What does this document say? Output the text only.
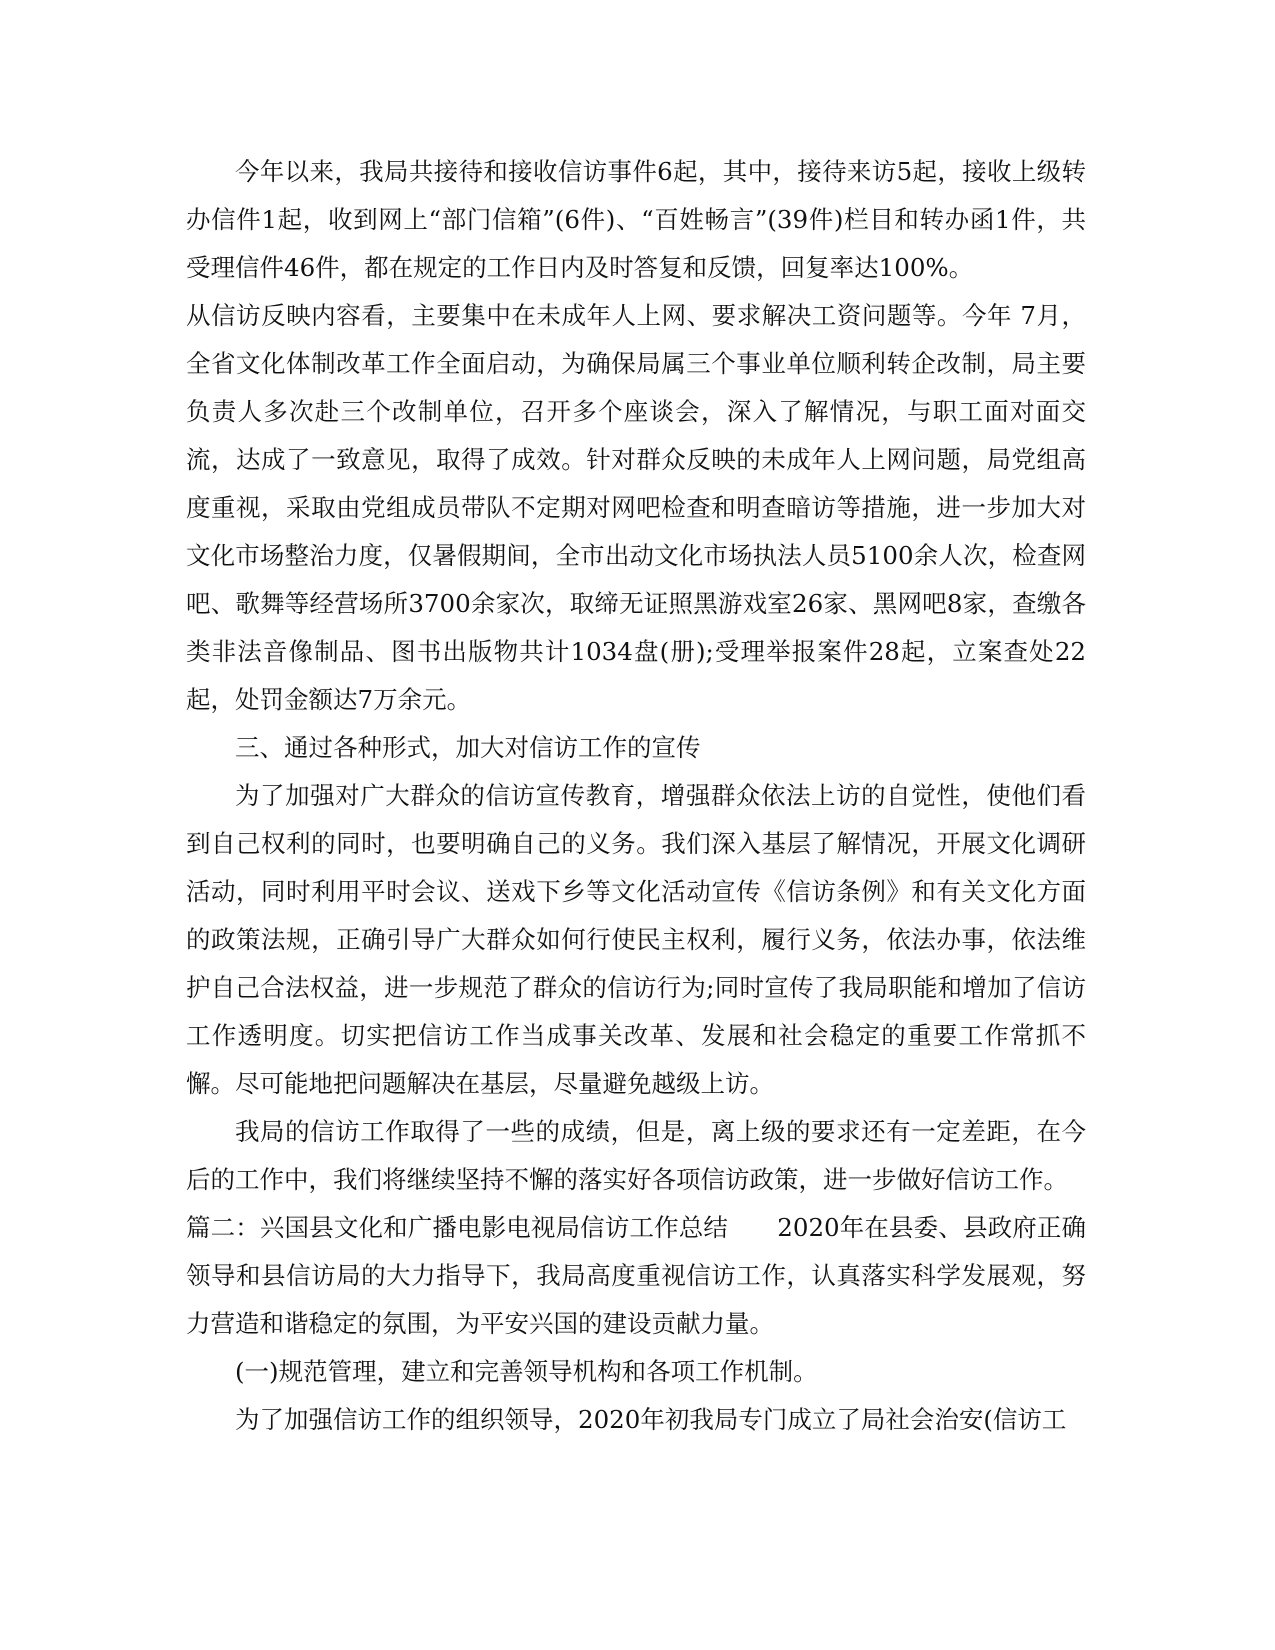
今年以来，我局共接待和接收信访事件6起，其中，接待来访5起，接收上级转办信件1起，收到网上“部门信箱”(6件)、“百姓畅言”(39件)栏目和转办函1件，共受理信件46件，都在规定的工作日内及时答复和反馈，回复率达100%。

从信访反映内容看，主要集中在未成年人上网、要求解决工资问题等。今年 7月，全省文化体制改革工作全面启动，为确保局属三个事业单位顺利转企改制，局主要负责人多次赴三个改制单位，召开多个座谈会，深入了解情况，与职工面对面交流，达成了一致意见，取得了成效。针对群众反映的未成年人上网问题，局党组高度重视，采取由党组成员带队不定期对网吧检查和明查暗访等措施，进一步加大对文化市场整治力度，仅暑假期间，全市出动文化市场执法人员5100余人次，检查网吧、歌舞等经营场所3700余家次，取缔无证照黑游戏室26家、黑网吧8家，查缴各类非法音像制品、图书出版物共计1034盘(册);受理举报案件28起，立案查处22起，处罚金额达7万余元。

三、通过各种形式，加大对信访工作的宣传

为了加强对广大群众的信访宣传教育，增强群众依法上访的自觉性，使他们看到自己权利的同时，也要明确自己的义务。我们深入基层了解情况，开展文化调研活动，同时利用平时会议、送戏下乡等文化活动宣传《信访条例》和有关文化方面的政策法规，正确引导广大群众如何行使民主权利，履行义务，依法办事，依法维护自己合法权益，进一步规范了群众的信访行为;同时宣传了我局职能和增加了信访工作透明度。切实把信访工作当成事关改革、发展和社会稳定的重要工作常抓不懈。尽可能地把问题解决在基层，尽量避免越级上访。

我局的信访工作取得了一些的成绩，但是，离上级的要求还有一定差距，在今后的工作中，我们将继续坚持不懈的落实好各项信访政策，进一步做好信访工作。

篇二：兴国县文化和广播电影电视局信访工作总结　　2020年在县委、县政府正确领导和县信访局的大力指导下，我局高度重视信访工作，认真落实科学发展观，努力营造和谐稳定的氛围，为平安兴国的建设贡献力量。

(一)规范管理，建立和完善领导机构和各项工作机制。

为了加强信访工作的组织领导，2020年初我局专门成立了局社会治安(信访工
